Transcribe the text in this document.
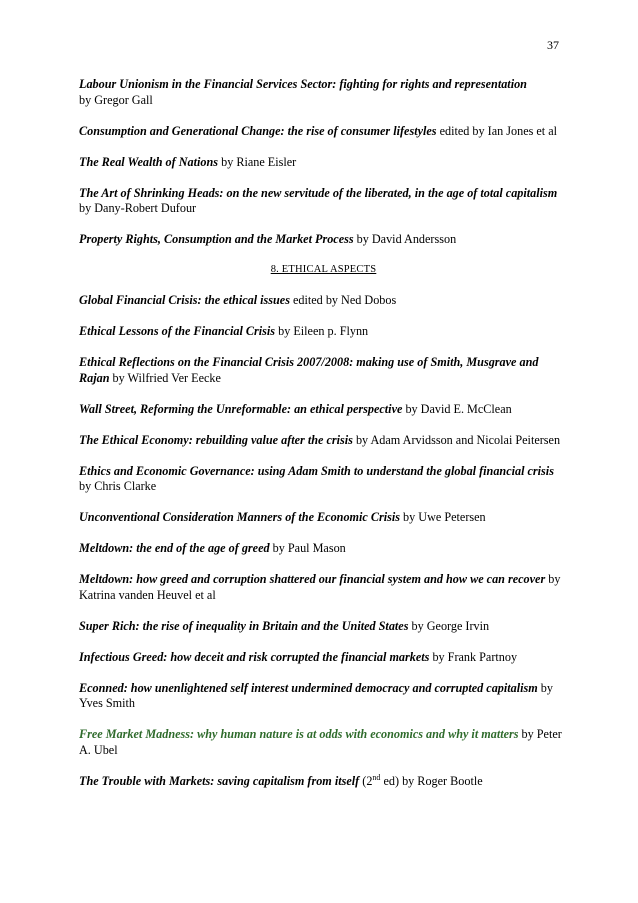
37

Labour Unionism in the Financial Services Sector: fighting for rights and representation
by Gregor Gall

Consumption and Generational Change: the rise of consumer lifestyles edited by Ian Jones et al

The Real Wealth of Nations by Riane Eisler

The Art of Shrinking Heads: on the new servitude of the liberated, in the age of total capitalism by Dany-Robert Dufour

Property Rights, Consumption and the Market Process by David Andersson

8. ETHICAL ASPECTS

Global Financial Crisis: the ethical issues edited by Ned Dobos

Ethical Lessons of the Financial Crisis by Eileen p. Flynn

Ethical Reflections on the Financial Crisis 2007/2008: making use of Smith, Musgrave and Rajan by Wilfried Ver Eecke

Wall Street, Reforming the Unreformable: an ethical perspective by David E. McClean

The Ethical Economy: rebuilding value after the crisis by Adam Arvidsson and Nicolai Peitersen

Ethics and Economic Governance: using Adam Smith to understand the global financial crisis by Chris Clarke

Unconventional Consideration Manners of the Economic Crisis by Uwe Petersen

Meltdown: the end of the age of greed by Paul Mason

Meltdown: how greed and corruption shattered our financial system and how we can recover by Katrina vanden Heuvel et al

Super Rich: the rise of inequality in Britain and the United States by George Irvin

Infectious Greed: how deceit and risk corrupted the financial markets by Frank Partnoy

Econned: how unenlightened self interest undermined democracy and corrupted capitalism by Yves Smith

Free Market Madness: why human nature is at odds with economics and why it matters by Peter A. Ubel

The Trouble with Markets: saving capitalism from itself (2nd ed) by Roger Bootle
